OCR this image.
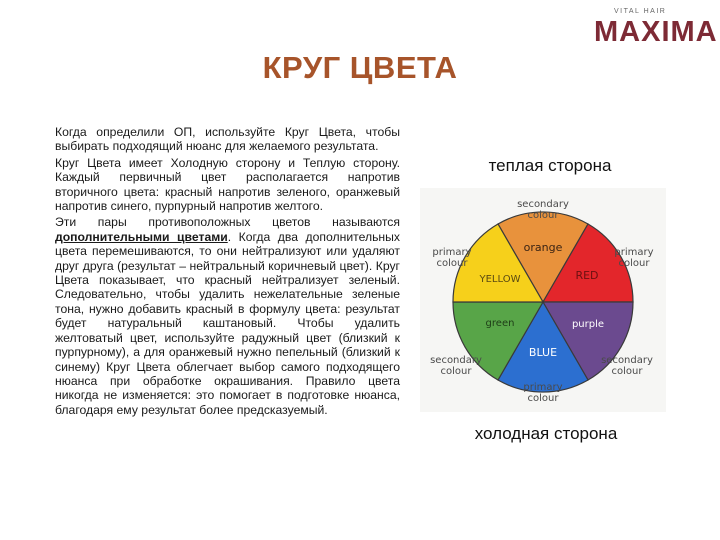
VITAL HAIR
MAXIMA
КРУГ ЦВЕТА

Когда определили ОП, используйте Круг Цвета, чтобы выбирать подходящий нюанс для желаемого результата.

Круг Цвета имеет Холодную сторону и Теплую сторону. Каждый первичный цвет располагается напротив вторичного цвета: красный напротив зеленого, оранжевый напротив синего, пурпурный напротив желтого.

Эти пары противоположных цветов называются дополнительными цветами. Когда два дополнительных цвета перемешиваются, то они нейтрализуют или удаляют друг друга (результат – нейтральный коричневый цвет). Круг Цвета показывает, что красный нейтрализует зеленый. Следовательно, чтобы удалить нежелательные зеленые тона, нужно добавить красный в формулу цвета: результат будет натуральный каштановый. Чтобы удалить желтоватый цвет, используйте радужный цвет (близкий к пурпурному), а для оранжевый нужно пепельный (близкий к синему) Круг Цвета облегчает выбор самого подходящего нюанса при обработке окрашивания. Правило цвета никогда не изменяется: это помогает в подготовке нюанса, благодаря ему результат более предсказуемый.

теплая сторона
orange
RED
purple
BLUE
green
YELLOW
secondary
colour
primary
colour
primary
colour
secondary
colour
secondary
colour
primary
colour
холодная сторона
